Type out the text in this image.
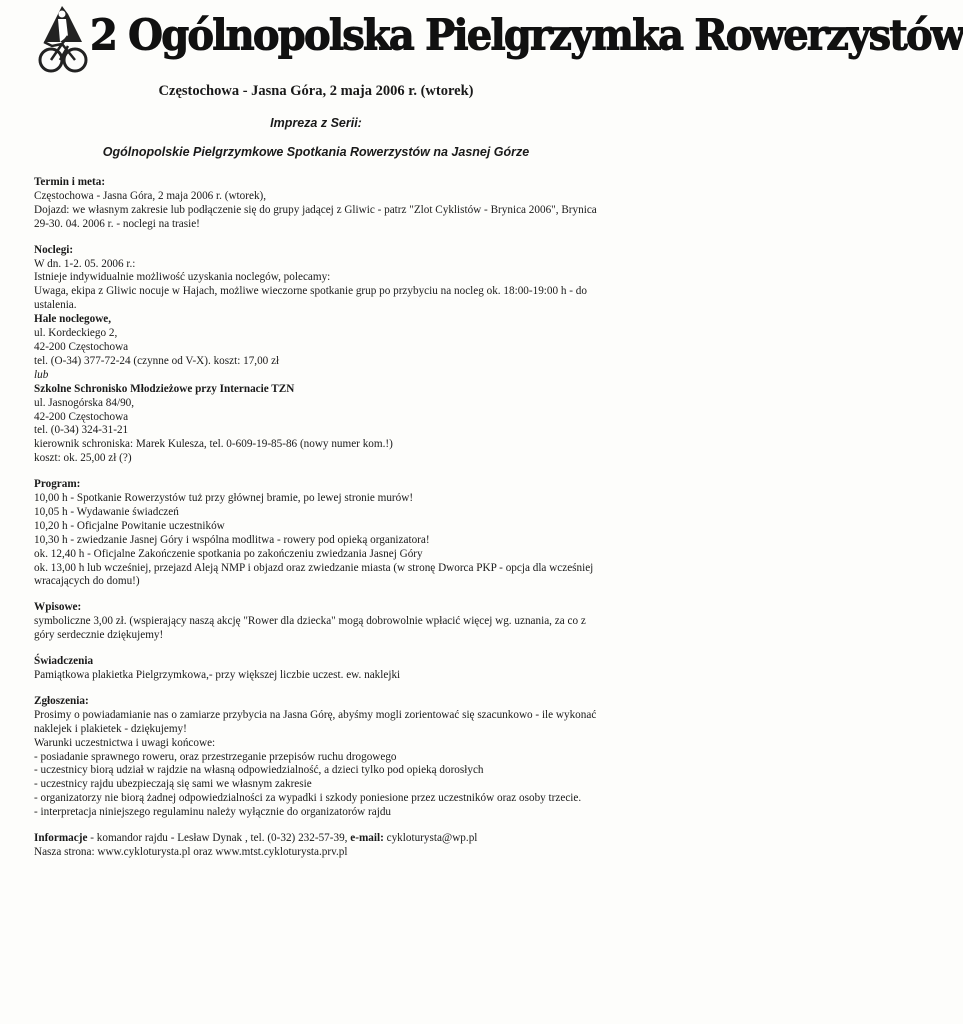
2 Ogólnopolska Pielgrzymka Rowerzystów
Częstochowa - Jasna Góra, 2 maja 2006 r. (wtorek)
Impreza z Serii:
Ogólnopolskie Pielgrzymkowe Spotkania Rowerzystów na Jasnej Górze

Termin i meta:

Częstochowa - Jasna Góra, 2 maja 2006 r. (wtorek),

Dojazd: we własnym zakresie lub podłączenie się do grupy jadącej z Gliwic - patrz "Zlot Cyklistów - Brynica 2006", Brynica 29-30. 04. 2006 r. - noclegi na trasie!

Noclegi:

W dn. 1-2. 05. 2006 r.:

Istnieje indywidualnie możliwość uzyskania noclegów, polecamy:

Uwaga, ekipa z Gliwic nocuje w Hajach, możliwe wieczorne spotkanie grup po przybyciu na nocleg ok. 18:00-19:00 h - do ustalenia.

Hale noclegowe,

ul. Kordeckiego 2,

42-200 Częstochowa

tel. (O-34) 377-72-24 (czynne od V-X). koszt: 17,00 zł

lub

Szkolne Schronisko Młodzieżowe przy Internacie TZN

ul. Jasnogórska 84/90,

42-200 Częstochowa

tel. (0-34) 324-31-21

kierownik schroniska: Marek Kulesza, tel. 0-609-19-85-86 (nowy numer kom.!)

koszt: ok. 25,00 zł (?)

Program:

10,00 h - Spotkanie Rowerzystów tuż przy głównej bramie, po lewej stronie murów!

10,05 h - Wydawanie świadczeń

10,20 h - Oficjalne Powitanie uczestników

10,30 h - zwiedzanie Jasnej Góry i wspólna modlitwa - rowery pod opieką organizatora!

ok. 12,40 h - Oficjalne Zakończenie spotkania po zakończeniu zwiedzania Jasnej Góry

ok. 13,00 h lub wcześniej, przejazd Aleją NMP i objazd oraz zwiedzanie miasta (w stronę Dworca PKP - opcja dla wcześniej wracających do domu!)

Wpisowe:

symboliczne 3,00 zł. (wspierający naszą akcję "Rower dla dziecka" mogą dobrowolnie wpłacić więcej wg. uznania, za co z góry serdecznie dziękujemy!

Świadczenia

Pamiątkowa plakietka Pielgrzymkowa,- przy większej liczbie uczest. ew. naklejki

Zgłoszenia:

Prosimy o powiadamianie nas o zamiarze przybycia na Jasna Górę, abyśmy mogli zorientować się szacunkowo - ile wykonać naklejek i plakietek - dziękujemy!

Warunki uczestnictwa i uwagi końcowe:

- posiadanie sprawnego roweru, oraz przestrzeganie przepisów ruchu drogowego

- uczestnicy biorą udział w rajdzie na własną odpowiedzialność, a dzieci tylko pod opieką dorosłych

- uczestnicy rajdu ubezpieczają się sami we własnym zakresie

- organizatorzy nie biorą żadnej odpowiedzialności za wypadki i szkody poniesione przez uczestników oraz osoby trzecie.

- interpretacja niniejszego regulaminu należy wyłącznie do organizatorów rajdu

Informacje - komandor rajdu - Lesław Dynak , tel. (0-32) 232-57-39, e-mail: cykloturysta@wp.pl

Nasza strona: www.cykloturysta.pl oraz www.mtst.cykloturysta.prv.pl
